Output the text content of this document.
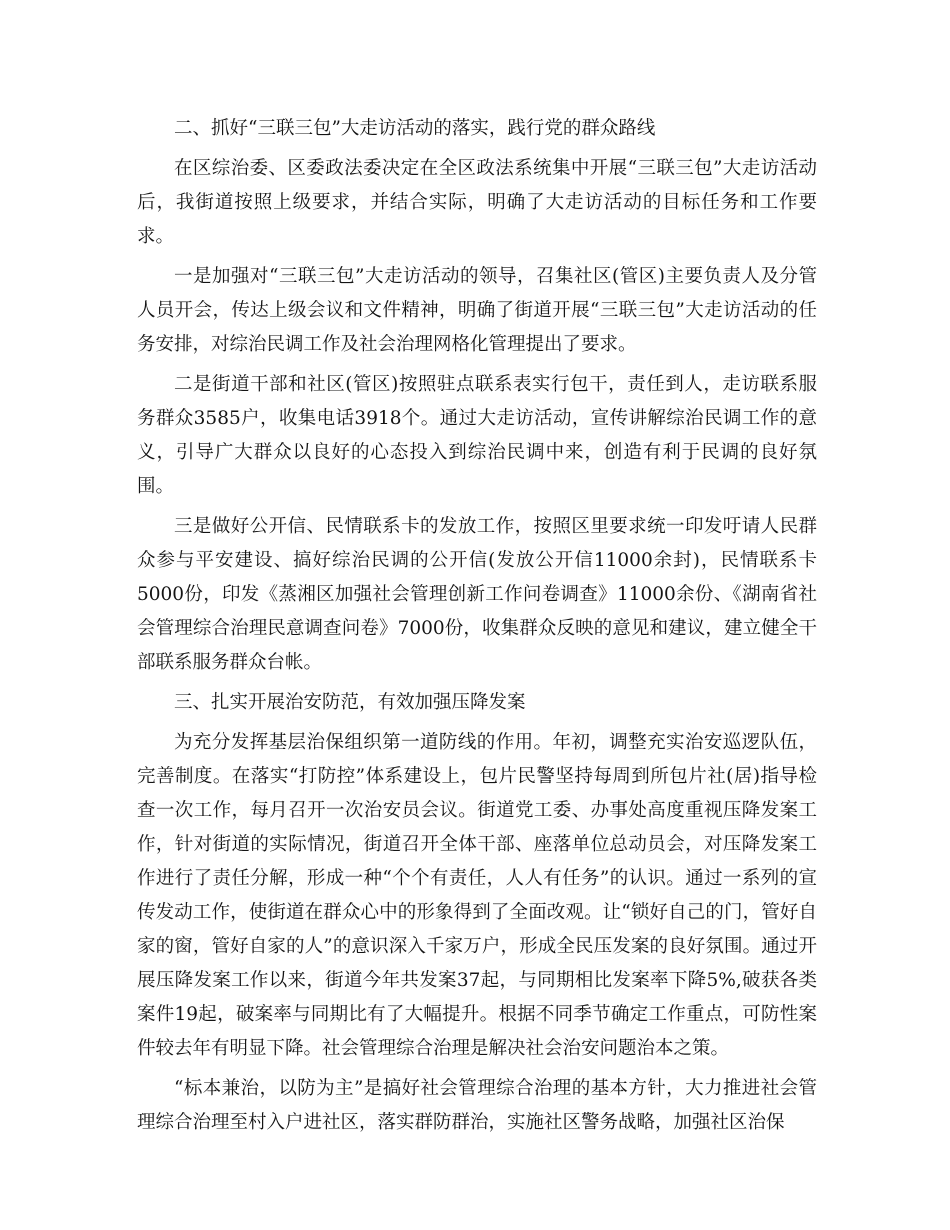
二、抓好“三联三包”大走访活动的落实，践行党的群众路线

在区综治委、区委政法委决定在全区政法系统集中开展“三联三包”大走访活动后，我街道按照上级要求，并结合实际，明确了大走访活动的目标任务和工作要求。

一是加强对“三联三包”大走访活动的领导，召集社区(管区)主要负责人及分管人员开会，传达上级会议和文件精神，明确了街道开展“三联三包”大走访活动的任务安排，对综治民调工作及社会治理网格化管理提出了要求。

二是街道干部和社区(管区)按照驻点联系表实行包干，责任到人，走访联系服务群众3585户，收集电话3918个。通过大走访活动，宣传讲解综治民调工作的意义，引导广大群众以良好的心态投入到综治民调中来，创造有利于民调的良好氛围。

三是做好公开信、民情联系卡的发放工作，按照区里要求统一印发吁请人民群众参与平安建设、搞好综治民调的公开信(发放公开信11000余封)，民情联系卡5000份，印发《蒸湘区加强社会管理创新工作问卷调查》11000余份、《湖南省社会管理综合治理民意调查问卷》7000份，收集群众反映的意见和建议，建立健全干部联系服务群众台帐。

三、扎实开展治安防范，有效加强压降发案

为充分发挥基层治保组织第一道防线的作用。年初，调整充实治安巡逻队伍，完善制度。在落实“打防控”体系建设上，包片民警坚持每周到所包片社(居)指导检查一次工作，每月召开一次治安员会议。街道党工委、办事处高度重视压降发案工作，针对街道的实际情况，街道召开全体干部、座落单位总动员会，对压降发案工作进行了责任分解，形成一种“个个有责任，人人有任务”的认识。通过一系列的宣传发动工作，使街道在群众心中的形象得到了全面改观。让“锁好自己的门，管好自家的窗，管好自家的人”的意识深入千家万户，形成全民压发案的良好氛围。通过开展压降发案工作以来，街道今年共发案37起，与同期相比发案率下降5%,破获各类案件19起，破案率与同期比有了大幅提升。根据不同季节确定工作重点，可防性案件较去年有明显下降。社会管理综合治理是解决社会治安问题治本之策。

“标本兼治，以防为主”是搞好社会管理综合治理的基本方针，大力推进社会管理综合治理至村入户进社区，落实群防群治，实施社区警务战略，加强社区治保
